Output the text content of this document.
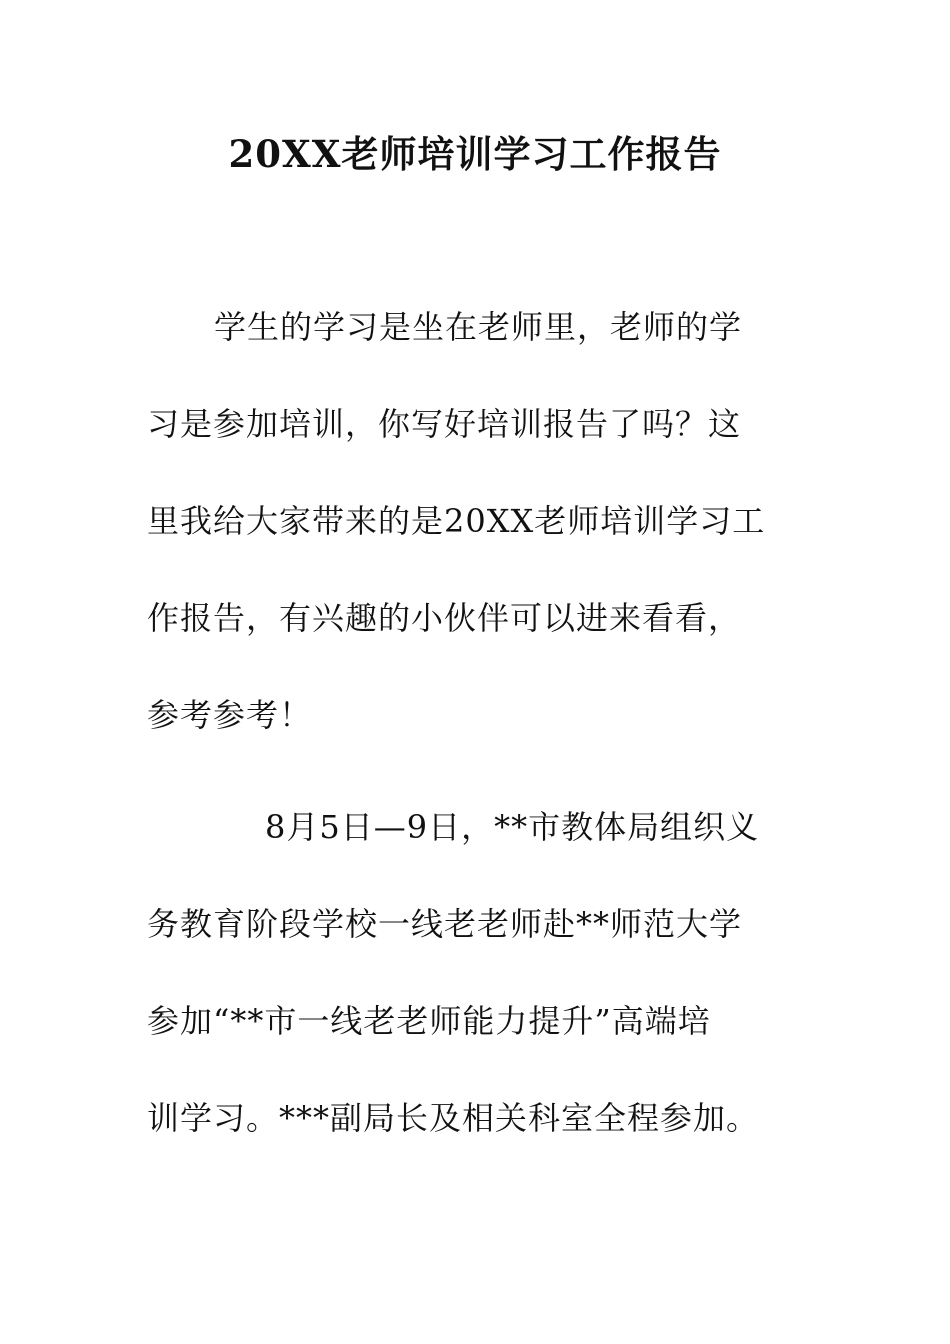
20XX老师培训学习工作报告
学生的学习是坐在老师里，老师的学
习是参加培训，你写好培训报告了吗？这
里我给大家带来的是20XX老师培训学习工
作报告，有兴趣的小伙伴可以进来看看，
参考参考！
8月5日—9日，**市教体局组织义
务教育阶段学校一线老老师赴**师范大学
参加“**市一线老老师能力提升”高端培
训学习。***副局长及相关科室全程参加。
